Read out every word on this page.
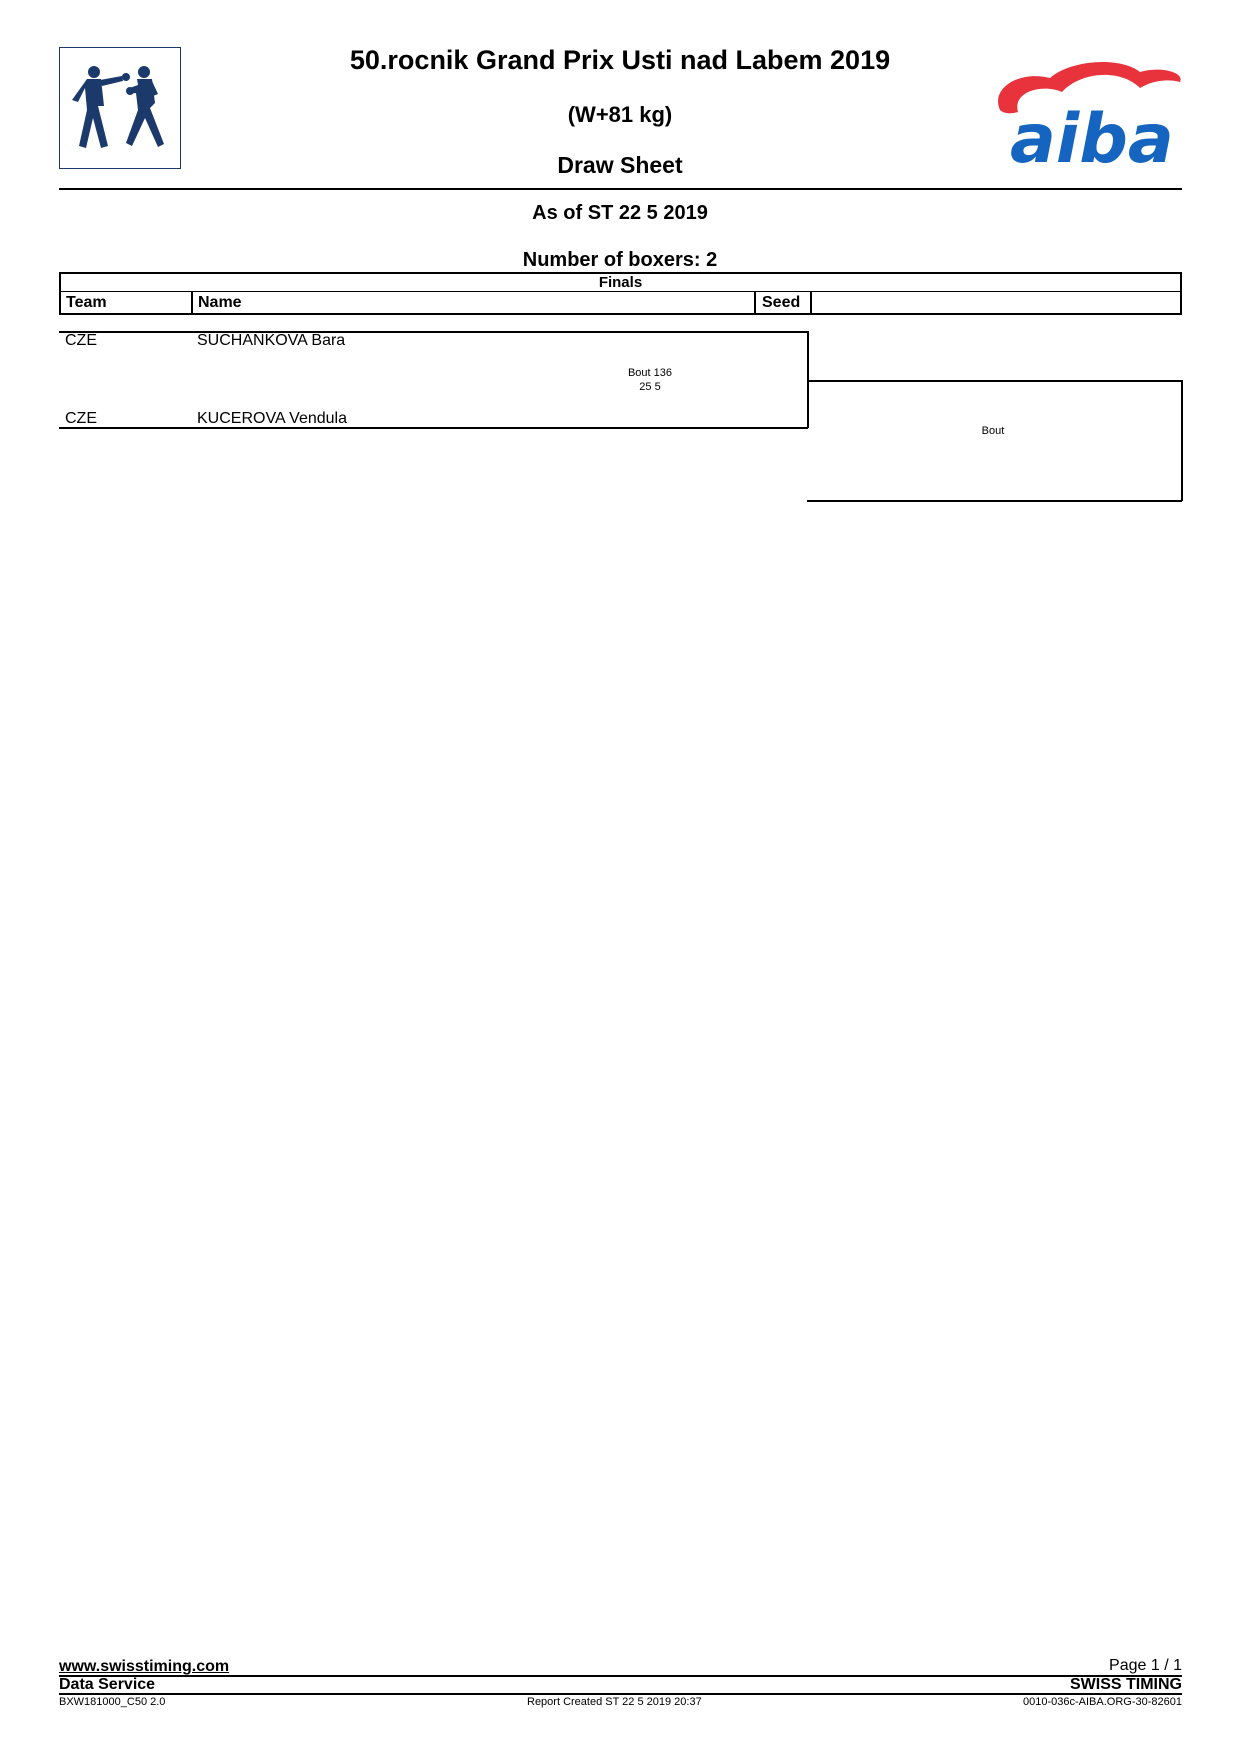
50.rocnik Grand Prix Usti nad Labem 2019
(W+81 kg)
Draw Sheet	aiba
As of ST 22 5 2019
Number of boxers: 2
Finals
Team	Name	Seed
CZE	SUCHANKOVA Bara
Bout 136
25 5
CZE	KUCEROVA Vendula
Bout
www.swisstiming.com	Page 1 / 1
Data Service	SWISS TIMING
BXW181000_C50 2.0	Report Created ST 22 5 2019 20:37	0010-036c-AIBA.ORG-30-82601
